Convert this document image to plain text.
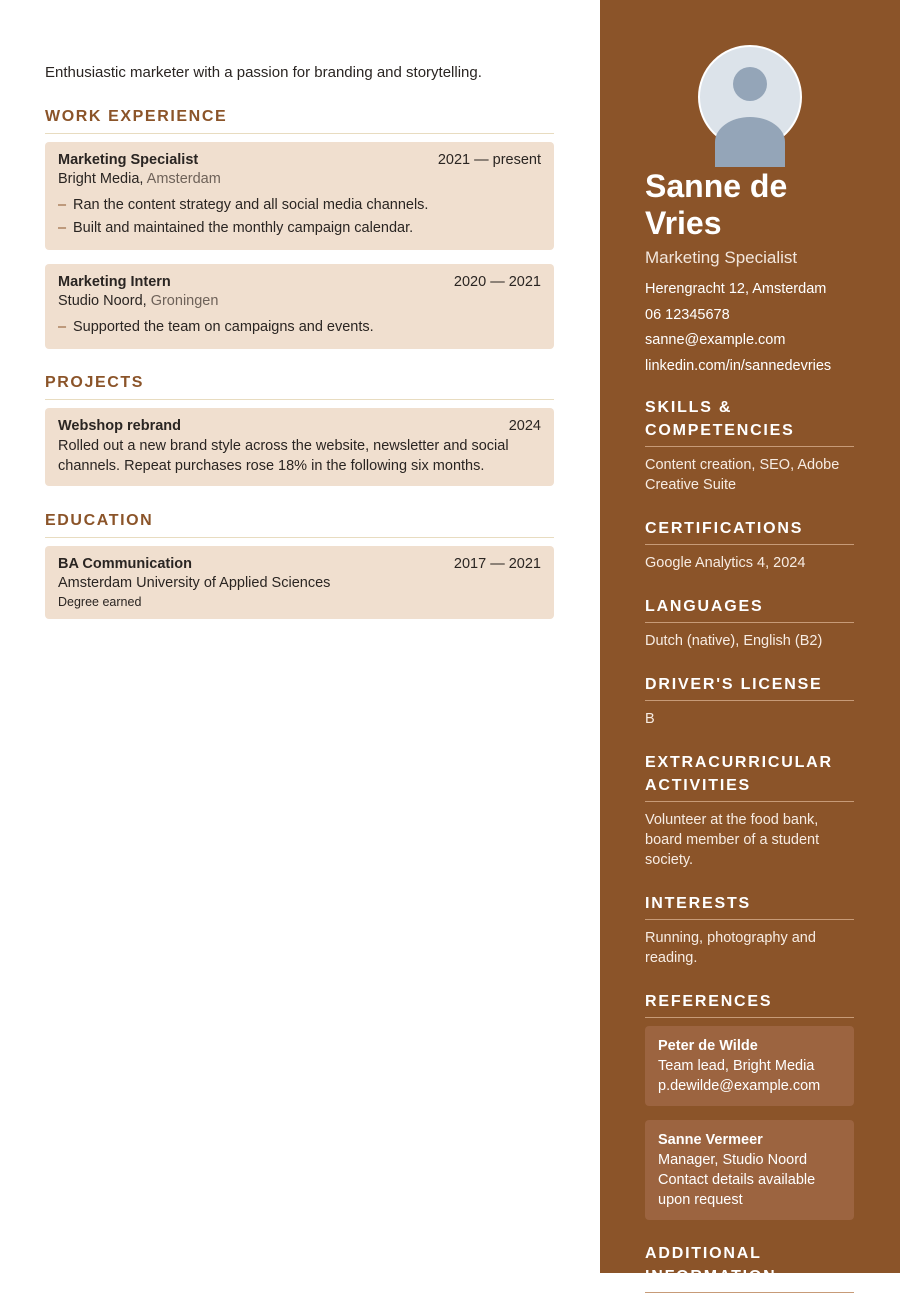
Enthusiastic marketer with a passion for branding and storytelling.
WORK EXPERIENCE
Marketing Specialist	2021 — present
Bright Media, Amsterdam
– Ran the content strategy and all social media channels.
– Built and maintained the monthly campaign calendar.
Marketing Intern	2020 — 2021
Studio Noord, Groningen
– Supported the team on campaigns and events.
PROJECTS
Webshop rebrand	2024
Rolled out a new brand style across the website, newsletter and social channels. Repeat purchases rose 18% in the following six months.
EDUCATION
BA Communication	2017 — 2021
Amsterdam University of Applied Sciences
Degree earned
Sanne de Vries
Marketing Specialist
Herengracht 12, Amsterdam
06 12345678
sanne@example.com
linkedin.com/in/sannedevries
SKILLS & COMPETENCIES
Content creation, SEO, Adobe Creative Suite
CERTIFICATIONS
Google Analytics 4, 2024
LANGUAGES
Dutch (native), English (B2)
DRIVER'S LICENSE
B
EXTRACURRICULAR ACTIVITIES
Volunteer at the food bank, board member of a student society.
INTERESTS
Running, photography and reading.
REFERENCES
Peter de Wilde
Team lead, Bright Media
p.dewilde@example.com
Sanne Vermeer
Manager, Studio Noord
Contact details available upon request
ADDITIONAL INFORMATION
